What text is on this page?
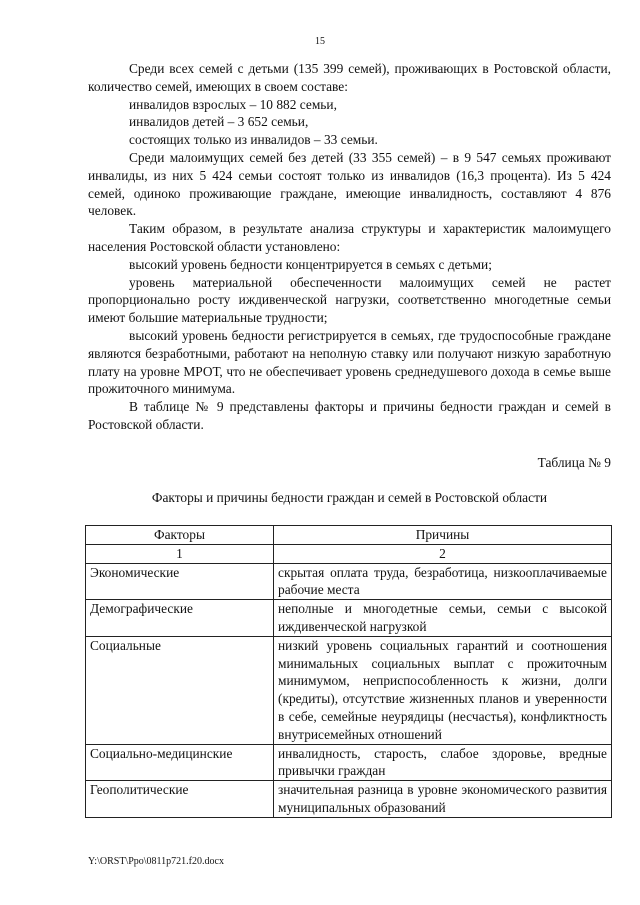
15

Среди всех семей с детьми (135 399 семей), проживающих в Ростовской области, количество семей, имеющих в своем составе:

инвалидов взрослых – 10 882 семьи,

инвалидов детей – 3 652 семьи,

состоящих только из инвалидов – 33 семьи.

Среди малоимущих семей без детей (33 355 семей) – в 9 547 семьях проживают инвалиды, из них 5 424 семьи состоят только из инвалидов (16,3 процента). Из 5 424 семей, одиноко проживающие граждане, имеющие инвалидность, составляют 4 876 человек.

Таким образом, в результате анализа структуры и характеристик малоимущего населения Ростовской области установлено:

высокий уровень бедности концентрируется в семьях с детьми;

уровень материальной обеспеченности малоимущих семей не растет пропорционально росту иждивенческой нагрузки, соответственно многодетные семьи имеют большие материальные трудности;

высокий уровень бедности регистрируется в семьях, где трудоспособные граждане являются безработными, работают на неполную ставку или получают низкую заработную плату на уровне МРОТ, что не обеспечивает уровень среднедушевого дохода в семье выше прожиточного минимума.

В таблице № 9 представлены факторы и причины бедности граждан и семей в Ростовской области.

Таблица № 9
Факторы и причины бедности граждан и семей в Ростовской области
Факторы	Причины
1	2
Экономические	скрытая оплата труда, безработица, низкооплачиваемые рабочие места
Демографические	неполные и многодетные семьи, семьи с высокой иждивенческой нагрузкой
Социальные	низкий уровень социальных гарантий и соотношения минимальных социальных выплат с прожиточным минимумом, неприспособленность к жизни, долги (кредиты), отсутствие жизненных планов и уверенности в себе, семейные неурядицы (несчастья), конфликтность внутрисемейных отношений
Социально-медицинские	инвалидность, старость, слабое здоровье, вредные привычки граждан
Геополитические	значительная разница в уровне экономического развития муниципальных образований
Y:\ORST\Ppo\0811p721.f20.docx
